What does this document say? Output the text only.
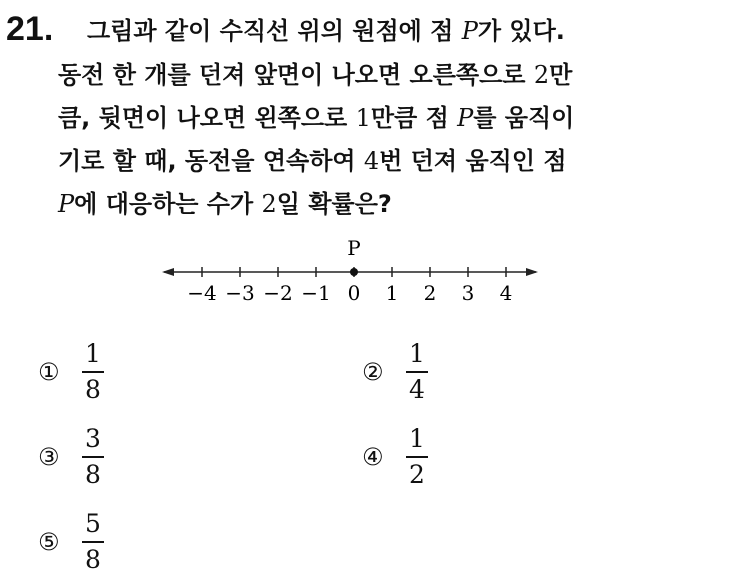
21. 그림과 같이 수직선 위의 원점에 점 P가 있다.
동전 한 개를 던져 앞면이 나오면 오른쪽으로 2만
큼, 뒷면이 나오면 왼쪽으로 1만큼 점 P를 움직이
기로 할 때, 동전을 연속하여 4번 던져 움직인 점
P에 대응하는 수가 2일 확률은?
−4 −3 −2 −1 0 1 2 3 4
P
① $\frac{1}{8}$	② $\frac{1}{4}$
③ $\frac{3}{8}$	④ $\frac{1}{2}$
⑤ $\frac{5}{8}$
